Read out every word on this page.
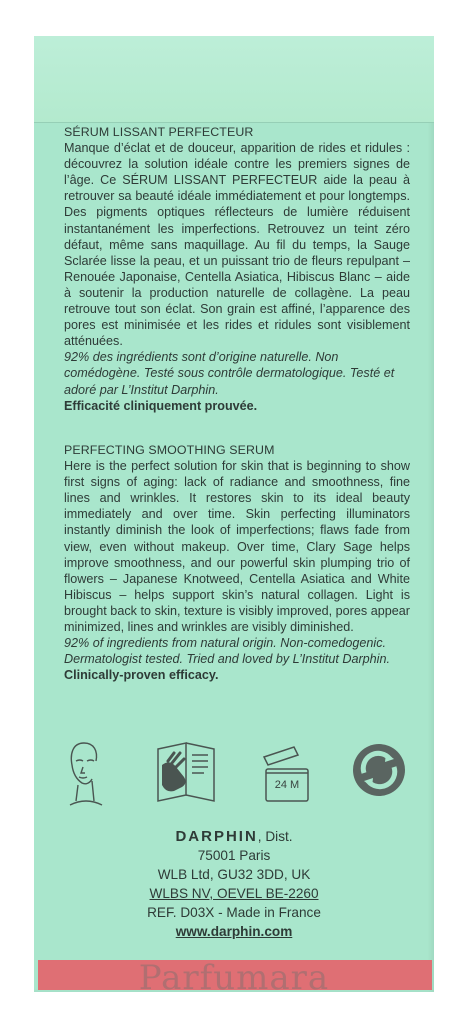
SÉRUM LISSANT PERFECTEUR
Manque d’éclat et de douceur, apparition de rides et ridules : découvrez la solution idéale contre les premiers signes de l’âge. Ce SÉRUM LISSANT PERFECTEUR aide la peau à retrouver sa beauté idéale immédiatement et pour longtemps. Des pigments optiques réflecteurs de lumière réduisent instantanément les imperfections. Retrouvez un teint zéro défaut, même sans maquillage. Au fil du temps, la Sauge Sclarée lisse la peau, et un puissant trio de fleurs repulpant – Renouée Japonaise, Centella Asiatica, Hibiscus Blanc – aide à soutenir la production naturelle de collagène. La peau retrouve tout son éclat. Son grain est affiné, l’apparence des pores est minimisée et les rides et ridules sont visiblement atténuées.
92% des ingrédients sont d’origine naturelle. Non comédogène. Testé sous contrôle dermatologique. Testé et adoré par L’Institut Darphin.
Efficacité cliniquement prouvée.
PERFECTING SMOOTHING SERUM
Here is the perfect solution for skin that is beginning to show first signs of aging: lack of radiance and smoothness, fine lines and wrinkles. It restores skin to its ideal beauty immediately and over time. Skin perfecting illuminators instantly diminish the look of imperfections; flaws fade from view, even without makeup. Over time, Clary Sage helps improve smoothness, and our powerful skin plumping trio of flowers – Japanese Knotweed, Centella Asiatica and White Hibiscus – helps support skin’s natural collagen. Light is brought back to skin, texture is visibly improved, pores appear minimized, lines and wrinkles are visibly diminished.
92% of ingredients from natural origin. Non-comedogenic. Dermatologist tested. Tried and loved by L’Institut Darphin.
Clinically-proven efficacy.
24 M
DARPHIN, Dist.
75001 Paris
WLB Ltd, GU32 3DD, UK
WLBS NV, OEVEL BE-2260
REF. D03X - Made in France
www.darphin.com
Parfumara
